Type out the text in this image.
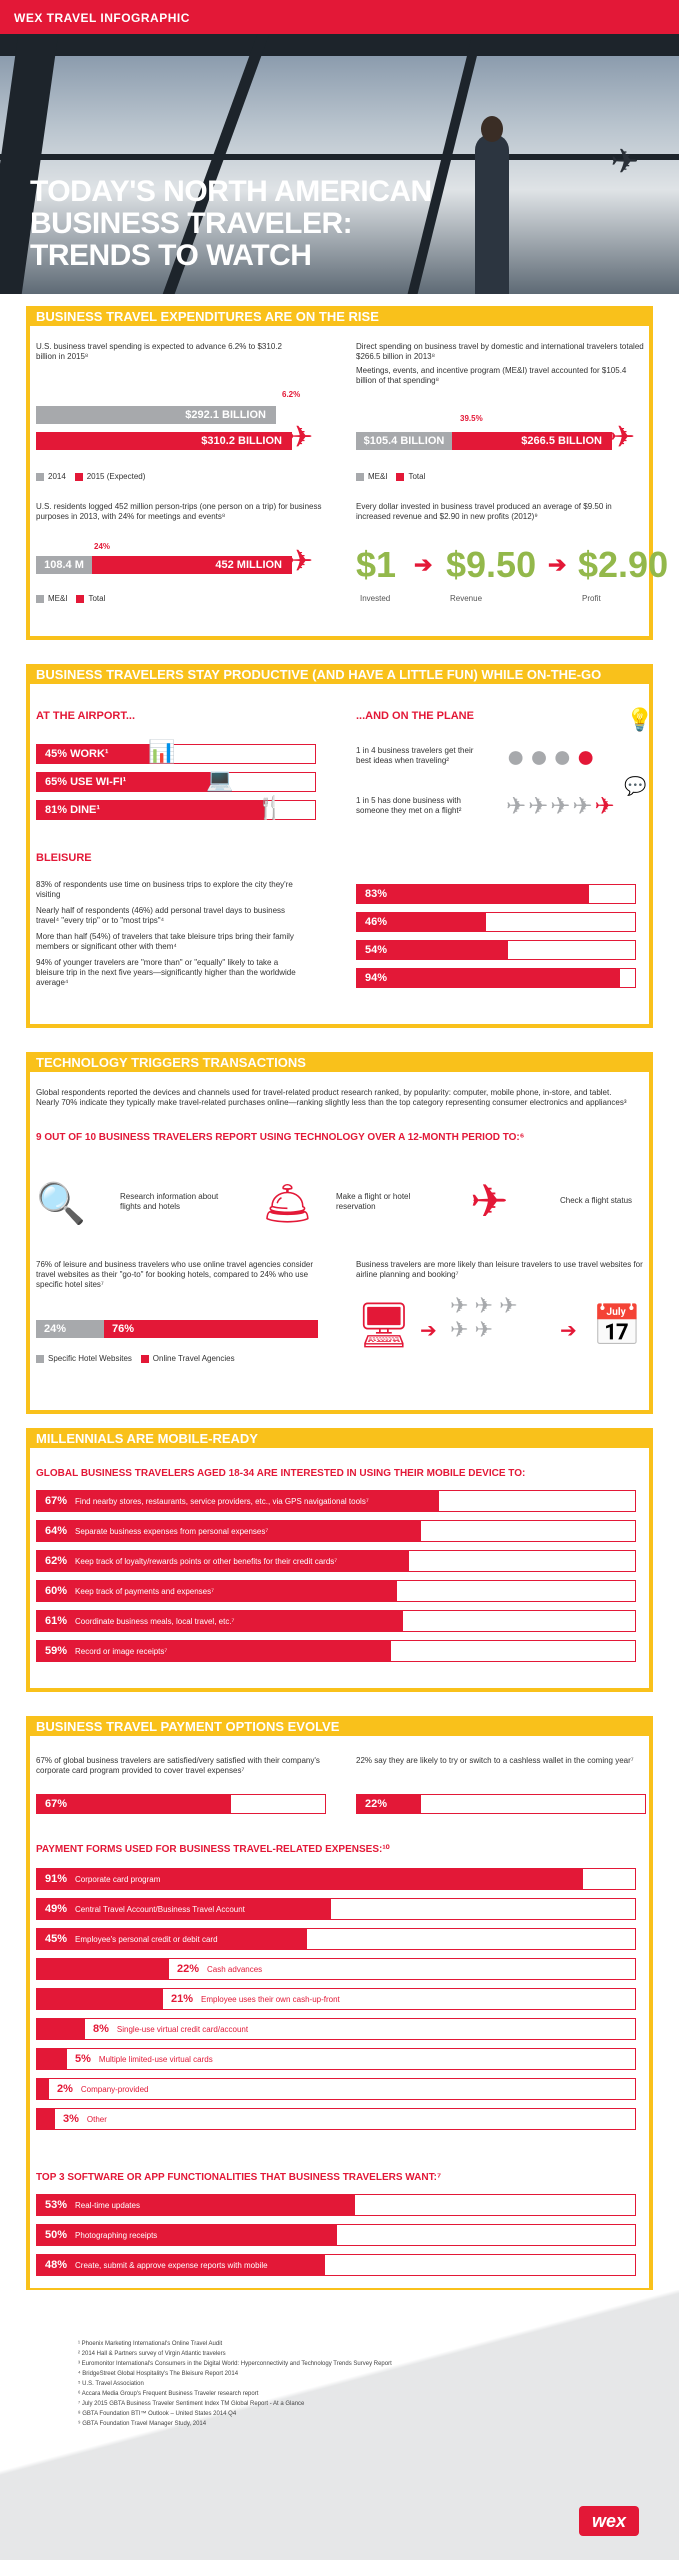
WEX TRAVEL INFOGRAPHIC
✈
TODAY'S NORTH AMERICAN
BUSINESS TRAVELER:
TRENDS TO WATCH
BUSINESS TRAVEL EXPENDITURES ARE ON THE RISE
U.S. business travel spending is expected to advance 6.2% to $310.2 billion in 2015⁸
$292.1 BILLION
6.2%
$310.2 BILLION ✈
2014	2015 (Expected)
Direct spending on business travel by domestic and international travelers totaled $266.5 billion in 2013⁸
Meetings, events, and incentive program (ME&I) travel accounted for $105.4 billion of that spending⁸
39.5%
$105.4 BILLION	$266.5 BILLION ✈
ME&I	Total
U.S. residents logged 452 million person-trips (one person on a trip) for business purposes in 2013, with 24% for meetings and events⁸
24%
108.4 M	452 MILLION ✈
ME&I	Total
Every dollar invested in business travel produced an average of $9.50 in increased revenue and $2.90 in new profits (2012)⁹
$1 ➔ $9.50 ➔ $2.90
Invested	Revenue	Profit
BUSINESS TRAVELERS STAY PRODUCTIVE (AND HAVE A LITTLE FUN) WHILE ON-THE-GO
AT THE AIRPORT...
45% WORK¹	📊
65% USE WI-FI¹	💻
81% DINE¹	🍴
...AND ON THE PLANE
1 in 4 business travelers get their best ideas when traveling²	●●●●
💡
1 in 5 has done business with someone they met on a flight²	✈✈✈✈✈
💬
BLEISURE
83% of respondents use time on business trips to explore the city they're visiting
Nearly half of respondents (46%) add personal travel days to business travel⁴ "every trip" or to "most trips"⁴
More than half (54%) of travelers that take bleisure trips bring their family members or significant other with them⁴
94% of younger travelers are "more than" or "equally" likely to take a bleisure trip in the next five years—significantly higher than the worldwide average⁴
83%
46%
54%
94%
TECHNOLOGY TRIGGERS TRANSACTIONS
Global respondents reported the devices and channels used for travel-related product research ranked, by popularity: computer, mobile phone, in-store, and tablet. Nearly 70% indicate they typically make travel-related purchases online—ranking slightly less than the top category representing consumer electronics and appliances³
9 OUT OF 10 BUSINESS TRAVELERS REPORT USING TECHNOLOGY OVER A 12-MONTH PERIOD TO:⁶
🔍	Research information about flights and hotels	🛎	Make a flight or hotel reservation	✈	Check a flight status
76% of leisure and business travelers who use online travel agencies consider travel websites as their "go-to" for booking hotels, compared to 24% who use specific hotel sites⁷
24%	76%
Specific Hotel Websites	Online Travel Agencies
Business travelers are more likely than leisure travelers to use travel websites for airline planning and booking⁷
🖥 ➔
✈ ✈ ✈
✈ ✈	➔ 📅
MILLENNIALS ARE MOBILE-READY
GLOBAL BUSINESS TRAVELERS AGED 18-34 ARE INTERESTED IN USING THEIR MOBILE DEVICE TO:
67% Find nearby stores, restaurants, service providers, etc., via GPS navigational tools⁷
64% Separate business expenses from personal expenses⁷
62% Keep track of loyalty/rewards points or other benefits for their credit cards⁷
60% Keep track of payments and expenses⁷
61% Coordinate business meals, local travel, etc.⁷
59% Record or image receipts⁷
BUSINESS TRAVEL PAYMENT OPTIONS EVOLVE
67% of global business travelers are satisfied/very satisfied with their company's corporate card program provided to cover travel expenses⁷
22% say they are likely to try or switch to a cashless wallet in the coming year⁷
67%	22%
PAYMENT FORMS USED FOR BUSINESS TRAVEL-RELATED EXPENSES:¹⁰
91% Corporate card program
49% Central Travel Account/Business Travel Account
45% Employee's personal credit or debit card
22% Cash advances
21% Employee uses their own cash-up-front
8% Single-use virtual credit card/account
5% Multiple limited-use virtual cards
2% Company-provided
3% Other
TOP 3 SOFTWARE OR APP FUNCTIONALITIES THAT BUSINESS TRAVELERS WANT:⁷
53% Real-time updates
50% Photographing receipts
48% Create, submit & approve expense reports with mobile
¹ Phoenix Marketing International's Online Travel Audit
² 2014 Hall & Partners survey of Virgin Atlantic travelers
³ Euromonitor International's Consumers in the Digital World: Hyperconnectivity and Technology Trends Survey Report
⁴ BridgeStreet Global Hospitality's The Bleisure Report 2014
⁵ U.S. Travel Association
⁶ Accara Media Group's Frequent Business Traveler research report
⁷ July 2015 GBTA Business Traveler Sentiment Index TM Global Report - At a Glance
⁸ GBTA Foundation BTI™ Outlook – United States 2014 Q4
⁹ GBTA Foundation Travel Manager Study, 2014
wex
